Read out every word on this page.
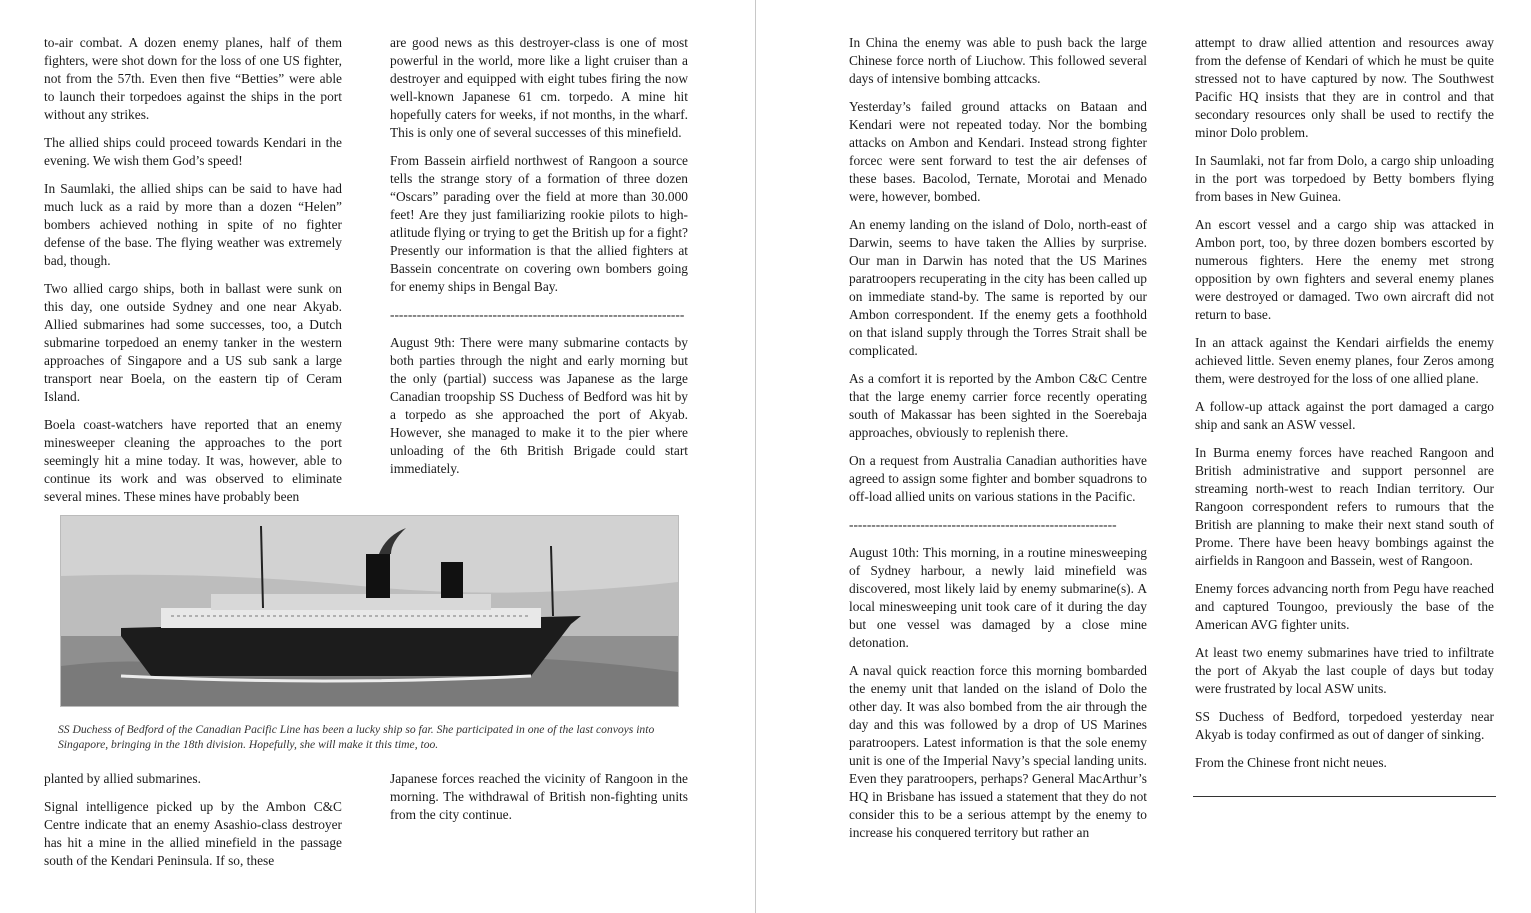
to-air combat. A dozen enemy planes, half of them fighters, were shot down for the loss of one US fighter, not from the 57th. Even then five “Betties” were able to launch their torpedoes against the ships in the port without any strikes.

The allied ships could proceed towards Kendari in the evening. We wish them God’s speed!

In Saumlaki, the allied ships can be said to have had much luck as a raid by more than a dozen “Helen” bombers achieved nothing in spite of no fighter defense of the base. The flying weather was extremely bad, though.

Two allied cargo ships, both in ballast were sunk on this day, one outside Sydney and one near Akyab. Allied submarines had some successes, too, a Dutch submarine torpedoed an enemy tanker in the western approaches of Singapore and a US sub sank a large transport near Boela, on the eastern tip of Ceram Island.

Boela coast-watchers have reported that an enemy minesweeper cleaning the approaches to the port seemingly hit a mine today. It was, however, able to continue its work and was observed to eliminate several mines. These mines have probably been

are good news as this destroyer-class is one of most powerful in the world, more like a light cruiser than a destroyer and equipped with eight tubes firing the now well-known Japanese 61 cm. torpedo. A mine hit hopefully caters for weeks, if not months, in the wharf. This is only one of several successes of this minefield.

From Bassein airfield northwest of Rangoon a source tells the strange story of a formation of three dozen “Oscars” parading over the field at more than 30.000 feet! Are they just familiarizing rookie pilots to high-atlitude flying or trying to get the British up for a fight? Presently our information is that the allied fighters at Bassein concentrate on covering own bombers going for enemy ships in Bengal Bay.

------------------------------------------------------------------

August 9th: There were many submarine contacts by both parties through the night and early morning but the only (partial) success was Japanese as the large Canadian troopship SS Duchess of Bedford was hit by a torpedo as she approached the port of Akyab. However, she managed to make it to the pier where unloading of the 6th British Brigade could start immediately.

SS Duchess of Bedford of the Canadian Pacific Line has been a lucky ship so far. She participated in one of the last convoys into Singapore, bringing in the 18th division. Hopefully, she will make it this time, too.

planted by allied submarines.

Signal intelligence picked up by the Ambon C&C Centre indicate that an enemy Asashio-class destroyer has hit a mine in the allied minefield in the passage south of the Kendari Peninsula. If so, these

Japanese forces reached the vicinity of Rangoon in the morning. The withdrawal of British non-fighting units from the city continue.

In China the enemy was able to push back the large Chinese force north of Liuchow. This followed several days of intensive bombing attcacks.

Yesterday’s failed ground attacks on Bataan and Kendari were not repeated today. Nor the bombing attacks on Ambon and Kendari. Instead strong fighter forcec were sent forward to test the air defenses of these bases. Bacolod, Ternate, Morotai and Menado were, however, bombed.

An enemy landing on the island of Dolo, north-east of Darwin, seems to have taken the Allies by surprise. Our man in Darwin has noted that the US Marines paratroopers recuperating in the city has been called up on immediate stand-by. The same is reported by our Ambon correspondent. If the enemy gets a foothhold on that island supply through the Torres Strait shall be complicated.

As a comfort it is reported by the Ambon C&C Centre that the large enemy carrier force recently operating south of Makassar has been sighted in the Soerebaja approaches, obviously to replenish there.

On a request from Australia Canadian authorities have agreed to assign some fighter and bomber squadrons to off-load allied units on various stations in the Pacific.

------------------------------------------------------------

August 10th: This morning, in a routine minesweeping of Sydney harbour, a newly laid minefield was discovered, most likely laid by enemy submarine(s). A local minesweeping unit took care of it during the day but one vessel was damaged by a close mine detonation.

A naval quick reaction force this morning bombarded the enemy unit that landed on the island of Dolo the other day. It was also bombed from the air through the day and this was followed by a drop of US Marines paratroopers. Latest information is that the sole enemy unit is one of the Imperial Navy’s special landing units. Even they paratroopers, perhaps? General MacArthur’s HQ in Brisbane has issued a statement that they do not consider this to be a serious attempt by the enemy to increase his conquered territory but rather an

attempt to draw allied attention and resources away from the defense of Kendari of which he must be quite stressed not to have captured by now. The Southwest Pacific HQ insists that they are in control and that secondary resources only shall be used to rectify the minor Dolo problem.

In Saumlaki, not far from Dolo, a cargo ship unloading in the port was torpedoed by Betty bombers flying from bases in New Guinea.

An escort vessel and a cargo ship was attacked in Ambon port, too, by three dozen bombers escorted by numerous fighters. Here the enemy met strong opposition by own fighters and several enemy planes were destroyed or damaged. Two own aircraft did not return to base.

In an attack against the Kendari airfields the enemy achieved little. Seven enemy planes, four Zeros among them, were destroyed for the loss of one allied plane.

A follow-up attack against the port damaged a cargo ship and sank an ASW vessel.

In Burma enemy forces have reached Rangoon and British administrative and support personnel are streaming north-west to reach Indian territory. Our Rangoon correspondent refers to rumours that the British are planning to make their next stand south of Prome. There have been heavy bombings against the airfields in Rangoon and Bassein, west of Rangoon.

Enemy forces advancing north from Pegu have reached and captured Toungoo, previously the base of the American AVG fighter units.

At least two enemy submarines have tried to infiltrate the port of Akyab the last couple of days but today were frustrated by local ASW units.

SS Duchess of Bedford, torpedoed yesterday near Akyab is today confirmed as out of danger of sinking.

From the Chinese front nicht neues.
